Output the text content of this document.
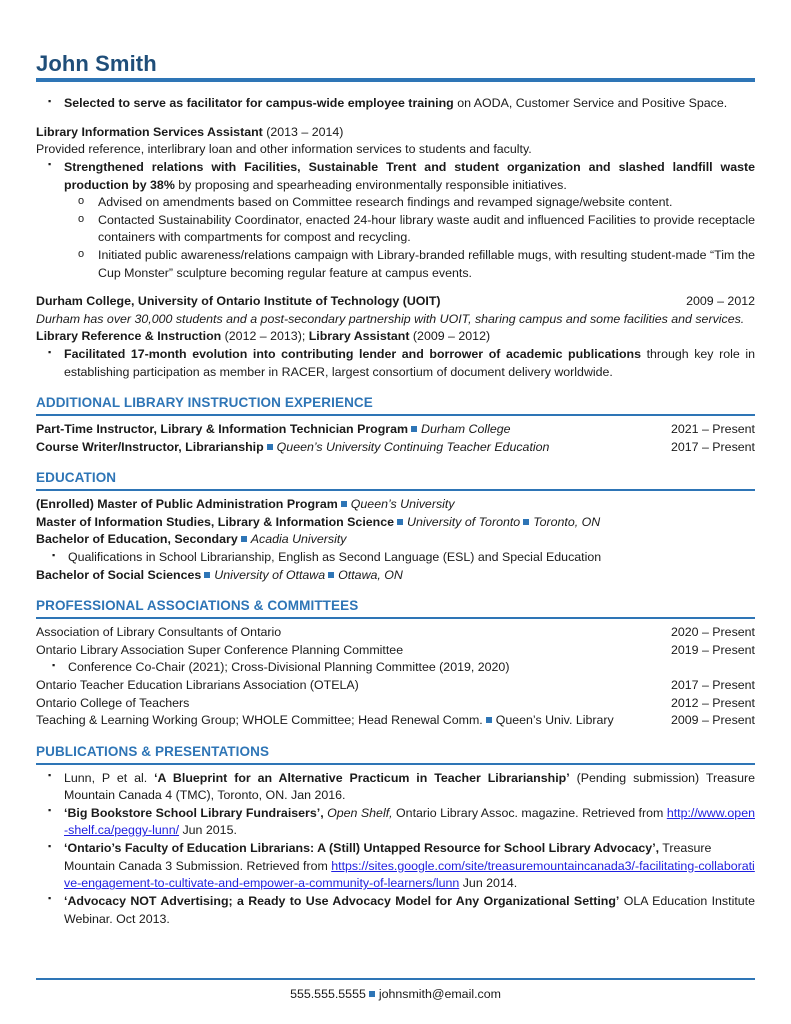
John Smith
▪ Selected to serve as facilitator for campus-wide employee training on AODA, Customer Service and Positive Space.

Library Information Services Assistant (2013 – 2014)

Provided reference, interlibrary loan and other information services to students and faculty.

▪ Strengthened relations with Facilities, Sustainable Trent and student organization and slashed landfill waste production by 38% by proposing and spearheading environmentally responsible initiatives.
o Advised on amendments based on Committee research findings and revamped signage/website content.
o Contacted Sustainability Coordinator, enacted 24-hour library waste audit and influenced Facilities to provide receptacle containers with compartments for compost and recycling.
o Initiated public awareness/relations campaign with Library-branded refillable mugs, with resulting student-made “Tim the Cup Monster” sculpture becoming regular feature at campus events.
Durham College, University of Ontario Institute of Technology (UOIT)	2009 – 2012

Durham has over 30,000 students and a post-secondary partnership with UOIT, sharing campus and some facilities and services.

Library Reference & Instruction (2012 – 2013); Library Assistant (2009 – 2012)

▪ Facilitated 17-month evolution into contributing lender and borrower of academic publications through key role in establishing participation as member in RACER, largest consortium of document delivery worldwide.
ADDITIONAL LIBRARY INSTRUCTION EXPERIENCE
Part-Time Instructor, Library & Information Technician Program Durham College	2021 – Present
Course Writer/Instructor, Librarianship Queen’s University Continuing Teacher Education	2017 – Present
EDUCATION

(Enrolled) Master of Public Administration Program Queen’s University

Master of Information Studies, Library & Information Science University of Toronto Toronto, ON

Bachelor of Education, Secondary Acadia University

▪ Qualifications in School Librarianship, English as Second Language (ESL) and Special Education

Bachelor of Social Sciences University of Ottawa Ottawa, ON

PROFESSIONAL ASSOCIATIONS & COMMITTEES
Association of Library Consultants of Ontario	2020 – Present
Ontario Library Association Super Conference Planning Committee	2019 – Present
▪ Conference Co-Chair (2021); Cross-Divisional Planning Committee (2019, 2020)
Ontario Teacher Education Librarians Association (OTELA)	2017 – Present
Ontario College of Teachers	2012 – Present
Teaching & Learning Working Group; WHOLE Committee; Head Renewal Comm. Queen’s Univ. Library	2009 – Present
PUBLICATIONS & PRESENTATIONS
▪ Lunn, P et al. ‘A Blueprint for an Alternative Practicum in Teacher Librarianship’ (Pending submission) Treasure Mountain Canada 4 (TMC), Toronto, ON. Jan 2016.
▪ ‘Big Bookstore School Library Fundraisers’, Open Shelf, Ontario Library Assoc. magazine. Retrieved from http://www.open-shelf.ca/peggy-lunn/ Jun 2015.
▪ ‘Ontario’s Faculty of Education Librarians: A (Still) Untapped Resource for School Library Advocacy’, Treasure Mountain Canada 3 Submission. Retrieved from https://sites.google.com/site/treasuremountaincanada3/-facilitating-collaborative-engagement-to-cultivate-and-empower-a-community-of-learners/lunn Jun 2014.
▪ ‘Advocacy NOT Advertising; a Ready to Use Advocacy Model for Any Organizational Setting’ OLA Education Institute Webinar. Oct 2013.
555.555.5555 johnsmith@email.com
